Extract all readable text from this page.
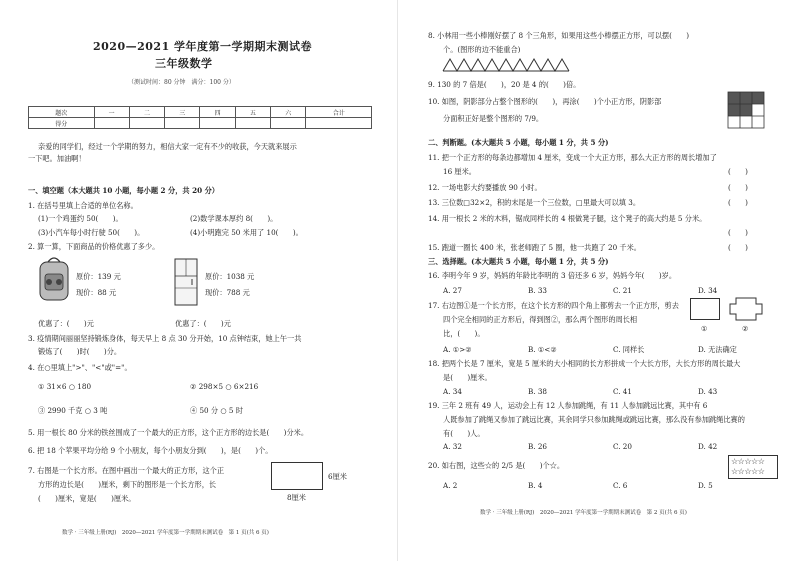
2020—2021 学年度第一学期期末测试卷
三年级数学
（测试时间：80 分钟　满分：100 分）
题次	一	二	三	四	五	六	合计
得分							
亲爱的同学们，经过一个学期的努力，相信大家一定有不少的收获，今天就来展示
一下吧。加油啊！
一、填空题（本大题共 10 小题，每小题 2 分，共 20 分）
1. 在括号里填上合适的单位名称。
(1)一个鸡蛋约 50(　　)。	(2)数学课本厚约 8(　　)。
(3)小汽车每小时行驶 50(　　)。	(4)小明跑完 50 米用了 10(　　)。
2. 算一算，下面商品的价格优惠了多少。
原价：139 元
现价：88 元
原价：1038 元
现价：788 元
优惠了：(　　)元	优惠了：(　　)元
3. 疫情期间丽丽坚持锻炼身体，每天早上 8 点 30 分开始，10 点钟结束，她上午一共
锻炼了(　　)时(　　)分。
4. 在○里填上">"、"<"或"="。
① 31×6 ○ 180	② 298×5 ○ 6×216
③ 2990 千克 ○ 3 吨	④ 50 分 ○ 5 时
5. 用一根长 80 分米的铁丝围成了一个最大的正方形，这个正方形的边长是(　　)分米。
6. 把 18 个苹果平均分给 9 个小朋友，每个小朋友分到(　　)，是(　　)个。
7. 右图是一个长方形。在图中画出一个最大的正方形，这个正
方形的边长是(　　)厘米，剩下的图形是一个长方形，长
(　　)厘米，宽是(　　)厘米。
6厘米
8厘米
数学 · 三年级上册(RJ)　2020—2021 学年度第一学期期末测试卷　第 1 页(共 6 页)
8. 小林用一些小棒刚好摆了 8 个三角形，如果用这些小棒摆正方形，可以摆(　　)
个。(图形的边不能重合)
9. 130 的 7 倍是(　　)，20 是 4 的(　　)倍。
10. 如图，阴影部分占整个图形的(　　)，再涂(　　)个小正方形，阴影部
分面积正好是整个图形的 7/9。
二、判断题。(本大题共 5 小题，每小题 1 分，共 5 分)
11. 把一个正方形的每条边都增加 4 厘米，变成一个大正方形，那么大正方形的周长增加了
16 厘米。	(　　)
12. 一场电影大约要播放 90 小时。	(　　)
13. 三位数□32×2，积的末尾是一个三位数，□里最大可以填 3。	(　　)
14. 用一根长 2 米的木料，锯成同样长的 4 根做凳子腿，这个凳子的高大约是 5 分米。
(　　)
15. 跑道一圈长 400 米，张老师跑了 5 圈，他一共跑了 20 千米。	(　　)
三、选择题。(本大题共 5 小题，每小题 1 分，共 5 分)
16. 李明今年 9 岁，妈妈的年龄比李明的 3 倍还多 6 岁，妈妈今年(　　)岁。
A. 27	B. 33	C. 21	D. 34
17. 右边图①是一个长方形，在这个长方形的四个角上都剪去一个正方形，剪去
四个完全相同的正方形后，得到图②，那么两个图形的周长相
比，(　　)。
A. ①>②	B. ①<②	C. 同样长	D. 无法确定
①	②
18. 把两个长是 7 厘米，宽是 5 厘米的大小相同的长方形拼成一个大长方形，大长方形的周长最大
是(　　)厘米。
A. 34	B. 38	C. 41	D. 43
19. 三年 2 班有 49 人，运动会上有 12 人参加跳绳，有 11 人参加跳远比赛，其中有 6
人既参加了跳绳又参加了跳远比赛，其余同学只参加跳绳或跳远比赛，那么没有参加跳绳比赛的
有(　　)人。
A. 32	B. 26	C. 20	D. 42
20. 如右图，这些☆的 2/5 是(　　)个☆。	☆☆☆☆☆
☆☆☆☆☆
A. 2	B. 4	C. 6	D. 5
数学 · 三年级上册(RJ)　2020—2021 学年度第一学期期末测试卷　第 2 页(共 6 页)
